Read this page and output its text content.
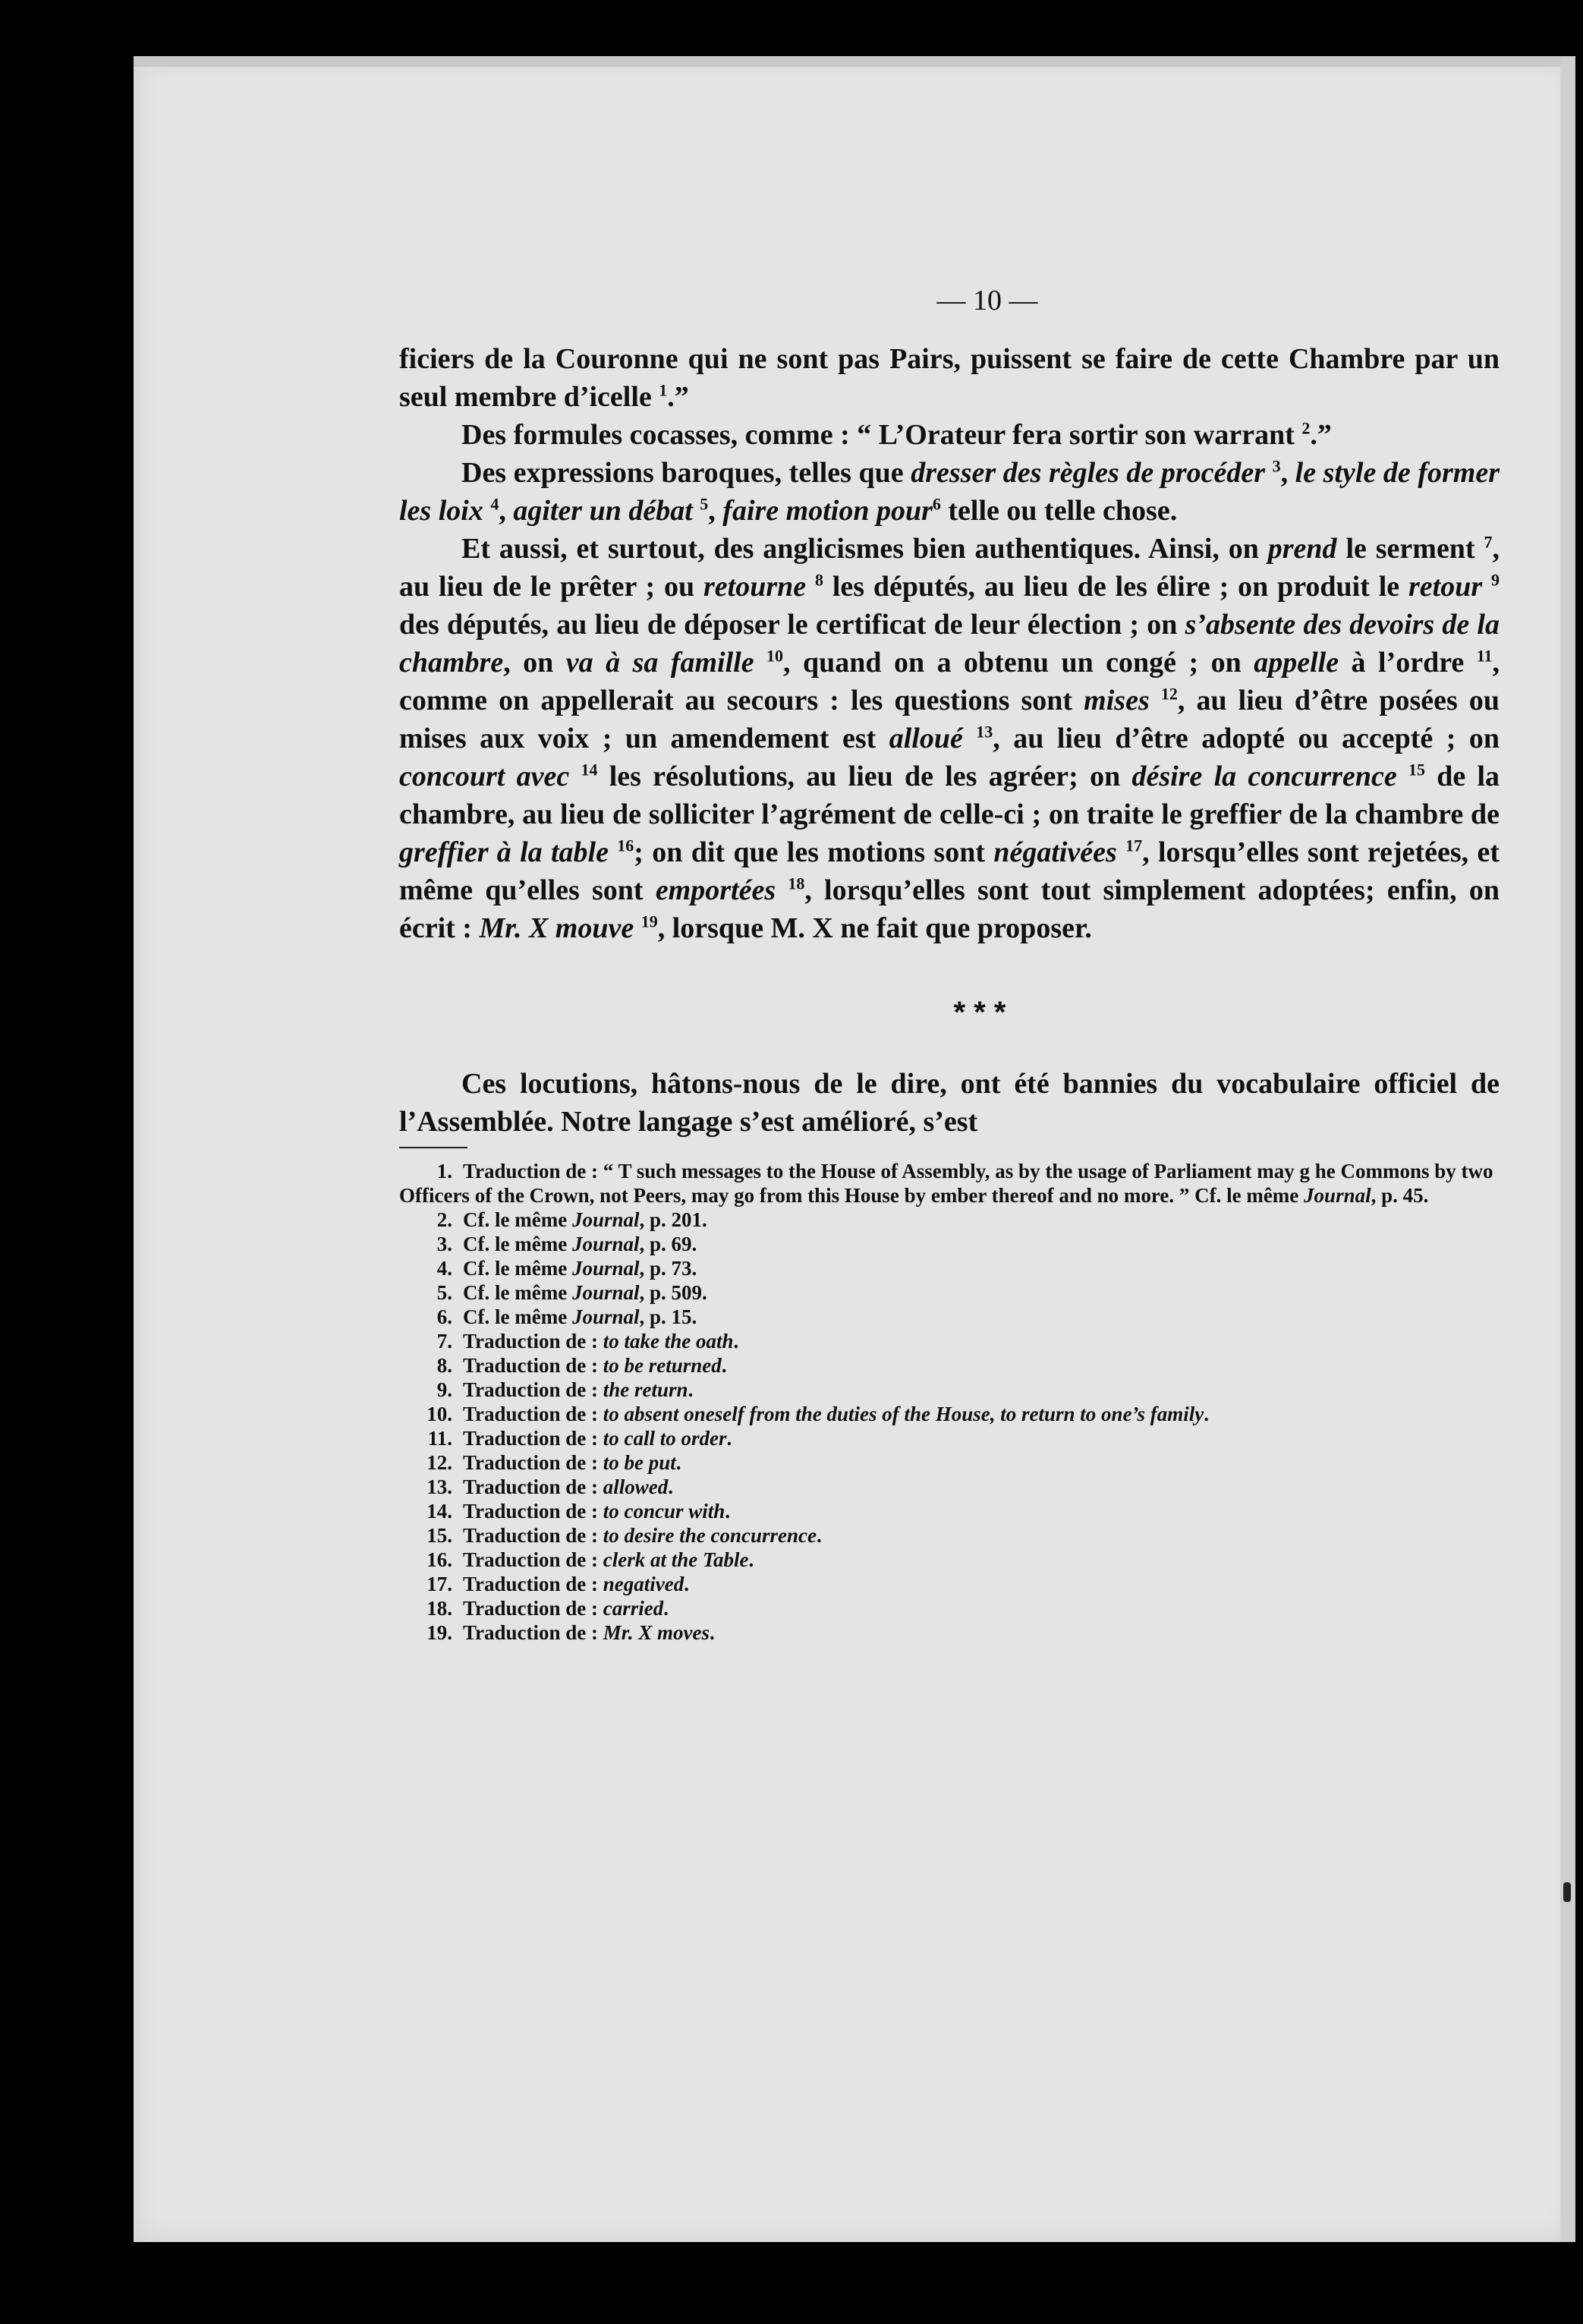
— 10 —

ficiers de la Couronne qui ne sont pas Pairs, puissent se faire de cette Chambre par un seul membre d’icelle $^1$.”

Des formules cocasses, comme : “ L’Orateur fera sortir son warrant $^2$.”

Des expressions baroques, telles que dresser des règles de procéder $^3$, le style de former les loix $^4$, agiter un débat $^5$, faire motion pour$^6$ telle ou telle chose.

Et aussi, et surtout, des anglicismes bien authentiques. Ainsi, on prend le serment $^7$, au lieu de le prêter ; ou retourne $^8$ les députés, au lieu de les élire ; on produit le retour $^9$ des députés, au lieu de déposer le certificat de leur élection ; on s’absente des devoirs de la chambre, on va à sa famille $^{10}$, quand on a obtenu un congé ; on appelle à l’ordre $^{11}$, comme on appellerait au secours : les questions sont mises $^{12}$, au lieu d’être posées ou mises aux voix ; un amendement est alloué $^{13}$, au lieu d’être adopté ou accepté ; on concourt avec $^{14}$ les résolutions, au lieu de les agréer; on désire la concurrence $^{15}$ de la chambre, au lieu de solliciter l’agrément de celle-ci ; on traite le greffier de la chambre de greffier à la table $^{16}$; on dit que les motions sont négativées $^{17}$, lorsqu’elles sont rejetées, et même qu’elles sont emportées $^{18}$, lorsqu’elles sont tout simplement adoptées; enfin, on écrit : Mr. X mouve $^{19}$, lorsque M. X ne fait que proposer.

* * *

Ces locutions, hâtons-nous de le dire, ont été bannies du vocabulaire officiel de l’Assemblée. Notre langage s’est amélioré, s’est

1. Traduction de : “ T such messages to the House of Assembly, as by the usage of Parliament may g he Commons by two Officers of the Crown, not Peers, may go from this House by ember thereof and no more. ” Cf. le même Journal, p. 45.

2. Cf. le même Journal, p. 201.

3. Cf. le même Journal, p. 69.

4. Cf. le même Journal, p. 73.

5. Cf. le même Journal, p. 509.

6. Cf. le même Journal, p. 15.

7. Traduction de : to take the oath.

8. Traduction de : to be returned.

9. Traduction de : the return.

10. Traduction de : to absent oneself from the duties of the House, to return to one’s family.

11. Traduction de : to call to order.

12. Traduction de : to be put.

13. Traduction de : allowed.

14. Traduction de : to concur with.

15. Traduction de : to desire the concurrence.

16. Traduction de : clerk at the Table.

17. Traduction de : negatived.

18. Traduction de : carried.

19. Traduction de : Mr. X moves.
